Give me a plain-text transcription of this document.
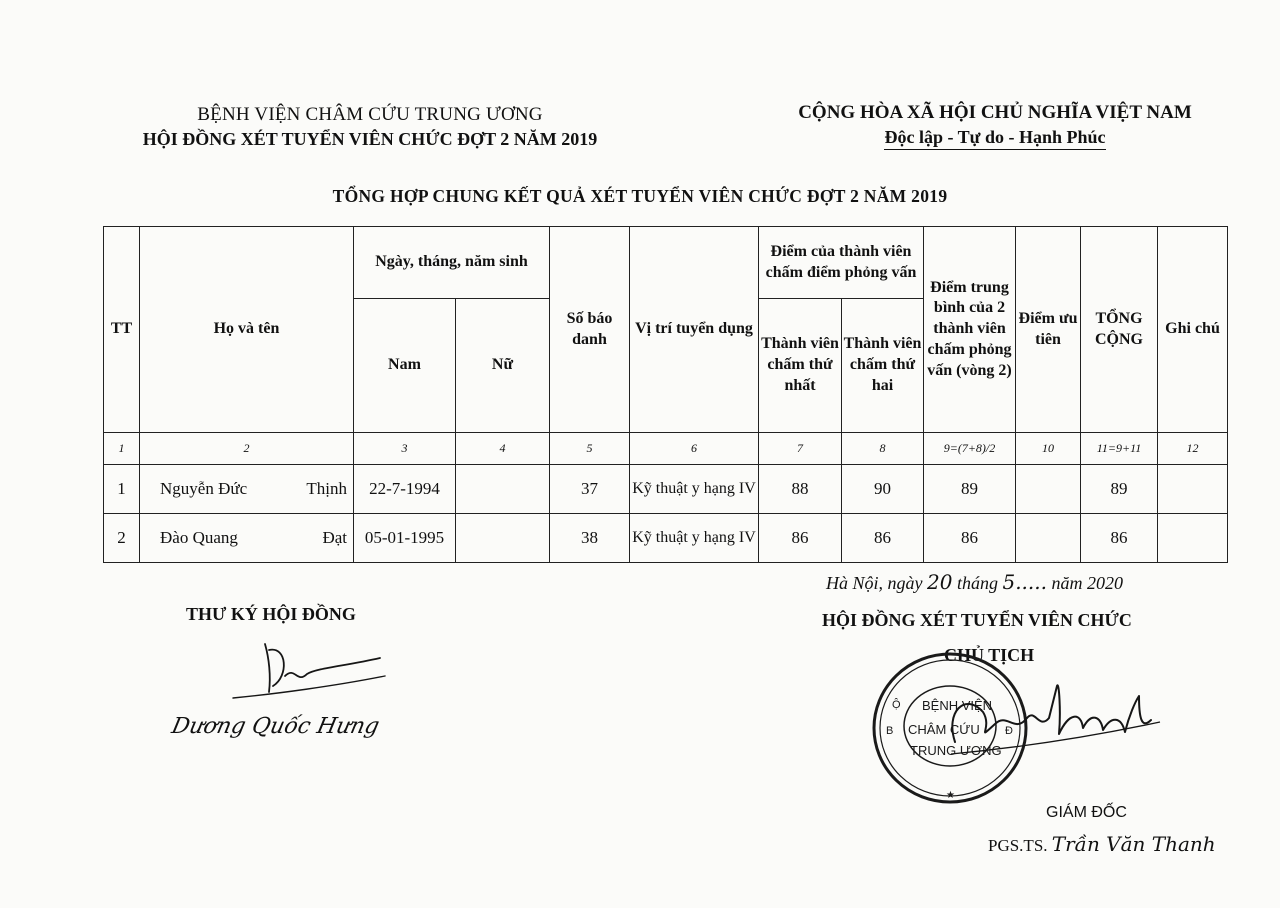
BỆNH VIỆN CHÂM CỨU TRUNG ƯƠNG
HỘI ĐỒNG XÉT TUYỂN VIÊN CHỨC ĐỢT 2 NĂM 2019
CỘNG HÒA XÃ HỘI CHỦ NGHĨA VIỆT NAM
Độc lập - Tự do - Hạnh Phúc
TỔNG HỢP CHUNG KẾT QUẢ XÉT TUYỂN VIÊN CHỨC ĐỢT 2 NĂM 2019
TT	Họ và tên		Ngày, tháng, năm sinh		Số báo danh	Vị trí tuyển dụng	Điểm của thành viên chấm điểm phỏng vấn		Điểm trung bình của 2 thành viên chấm phỏng vấn (vòng 2)	Điểm ưu tiên	TỔNG CỘNG	Ghi chú
			Nam	Nữ			Thành viên chấm thứ nhất	Thành viên chấm thứ hai				
1	2		3	4	5	6	7	8	9=(7+8)/2	10	11=9+11	12
1	Nguyễn Đức	Thịnh	22-7-1994		37	Kỹ thuật y hạng IV	88	90	89		89	
2	Đào Quang	Đạt	05-01-1995		38	Kỹ thuật y hạng IV	86	86	86		86	
Hà Nội, ngày 20 tháng 5..... năm 2020
THƯ KÝ HỘI ĐỒNG
Dương Quốc Hưng
HỘI ĐỒNG XÉT TUYỂN VIÊN CHỨC
CHỦ TỊCH
BỆNH VIỆN
CHÂM CỨU
TRUNG ƯƠNG
B
Ộ
Đ
★
GIÁM ĐỐC
PGS.TS. Trần Văn Thanh
